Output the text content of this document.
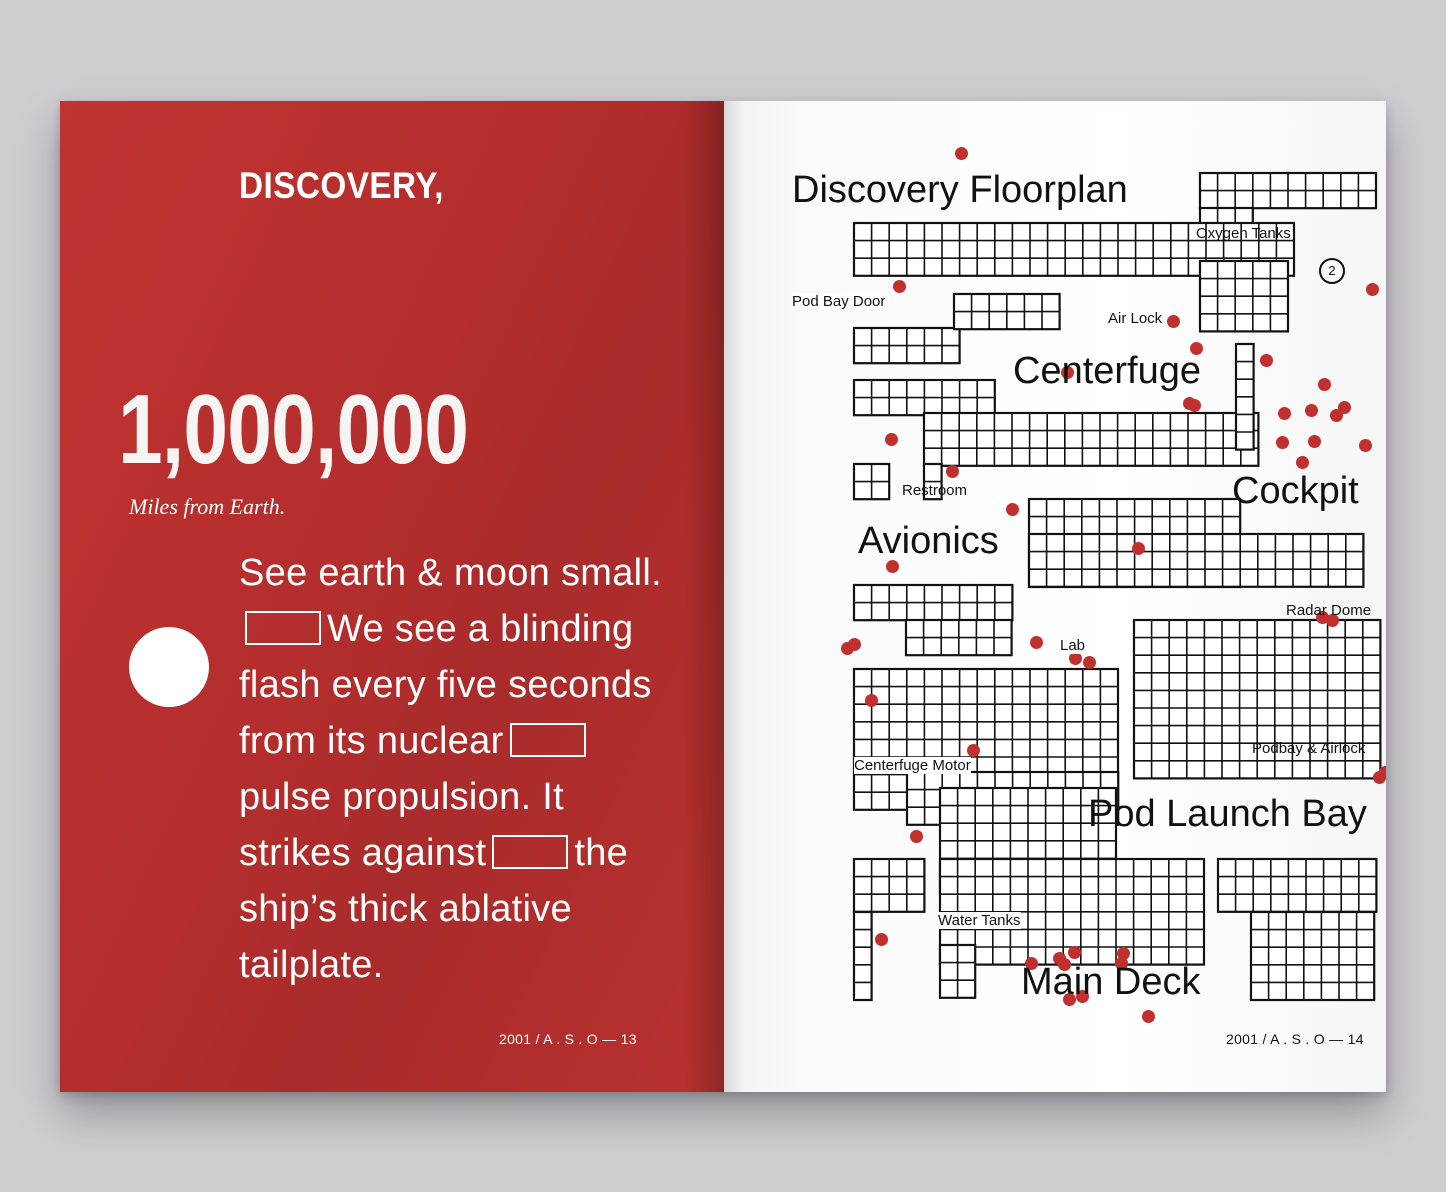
DISCOVERY,
1,000,000

Miles from Earth.

See earth & moon small.We see a blinding flash every five seconds from its nuclearpulse propulsion. It strikes against the ship’s thick ablative tailplate.

2001 / A . S . O — 13

Discovery Floorplan

Oxygen Tanks

2

Pod Bay Door

Air Lock

Centerfuge

Restroom	Cockpit

Avionics

Radar Dome

Lab

Podbay & Airlock

Centerfuge Motor

Pod Launch Bay

Water Tanks

Main Deck

2001 / A . S . O — 14
